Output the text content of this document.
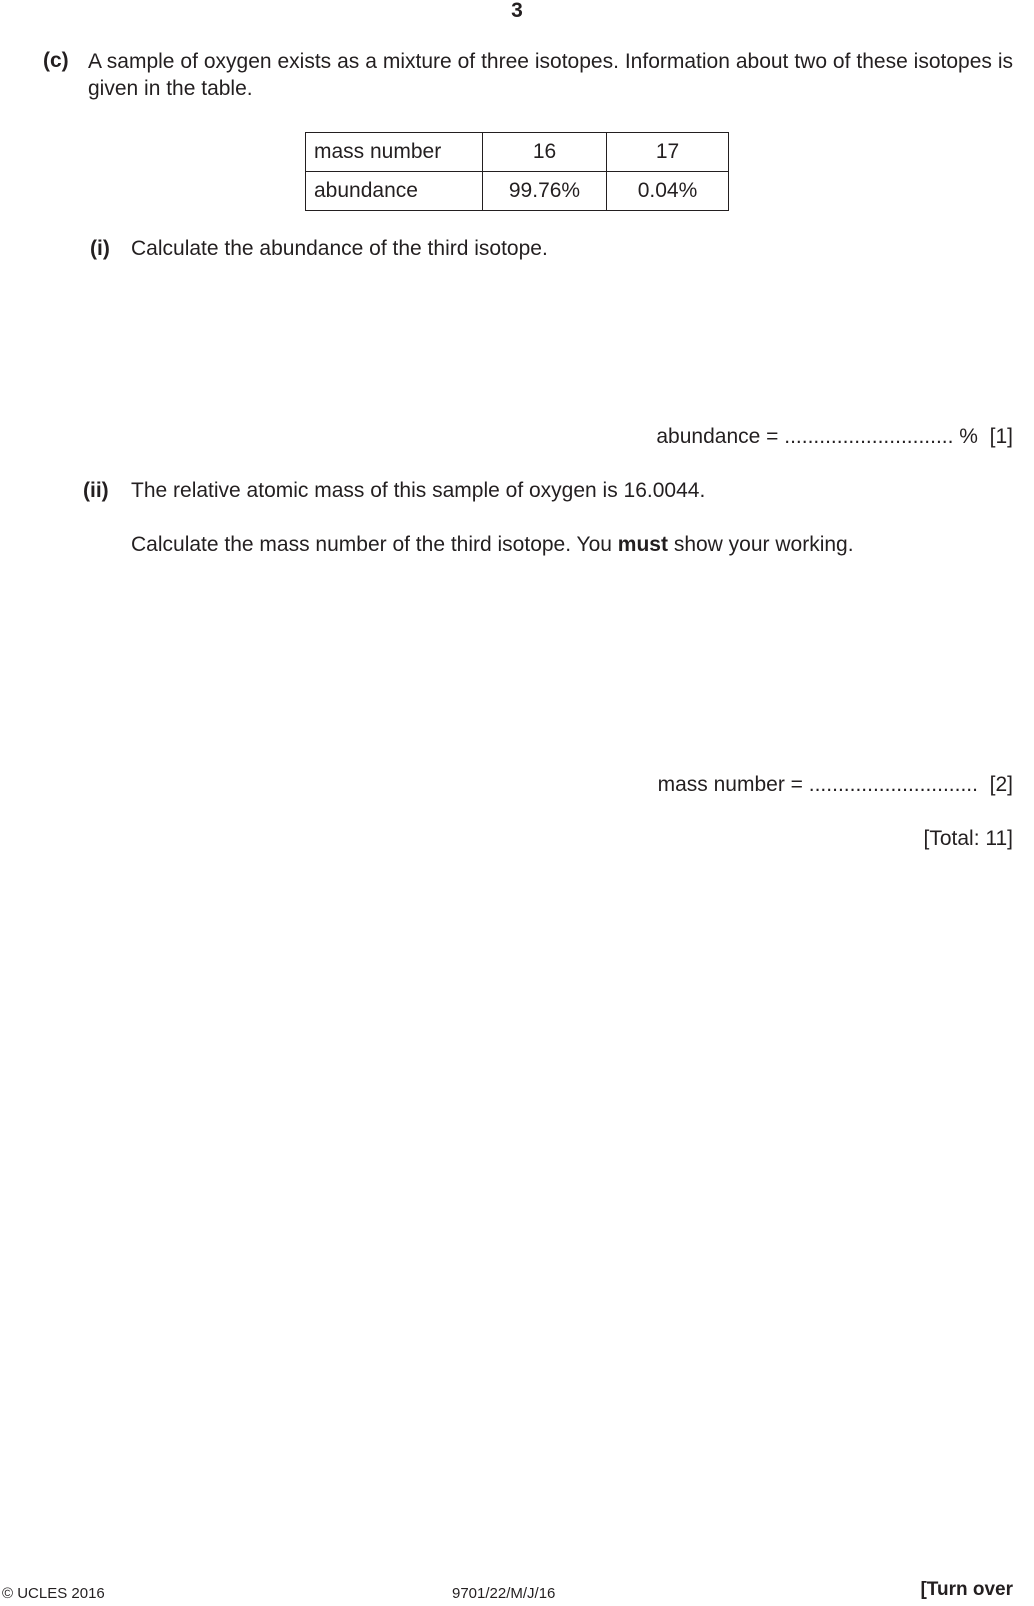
3
(c) A sample of oxygen exists as a mixture of three isotopes. Information about two of these isotopes is given in the table.
mass number	16	17
abundance	99.76%	0.04%
(i) Calculate the abundance of the third isotope.
abundance = ............................. % [1]
(ii) The relative atomic mass of this sample of oxygen is 16.0044.
Calculate the mass number of the third isotope. You must show your working.
mass number = ............................. [2]
[Total: 11]
© UCLES 2016	9701/22/M/J/16	[Turn over
